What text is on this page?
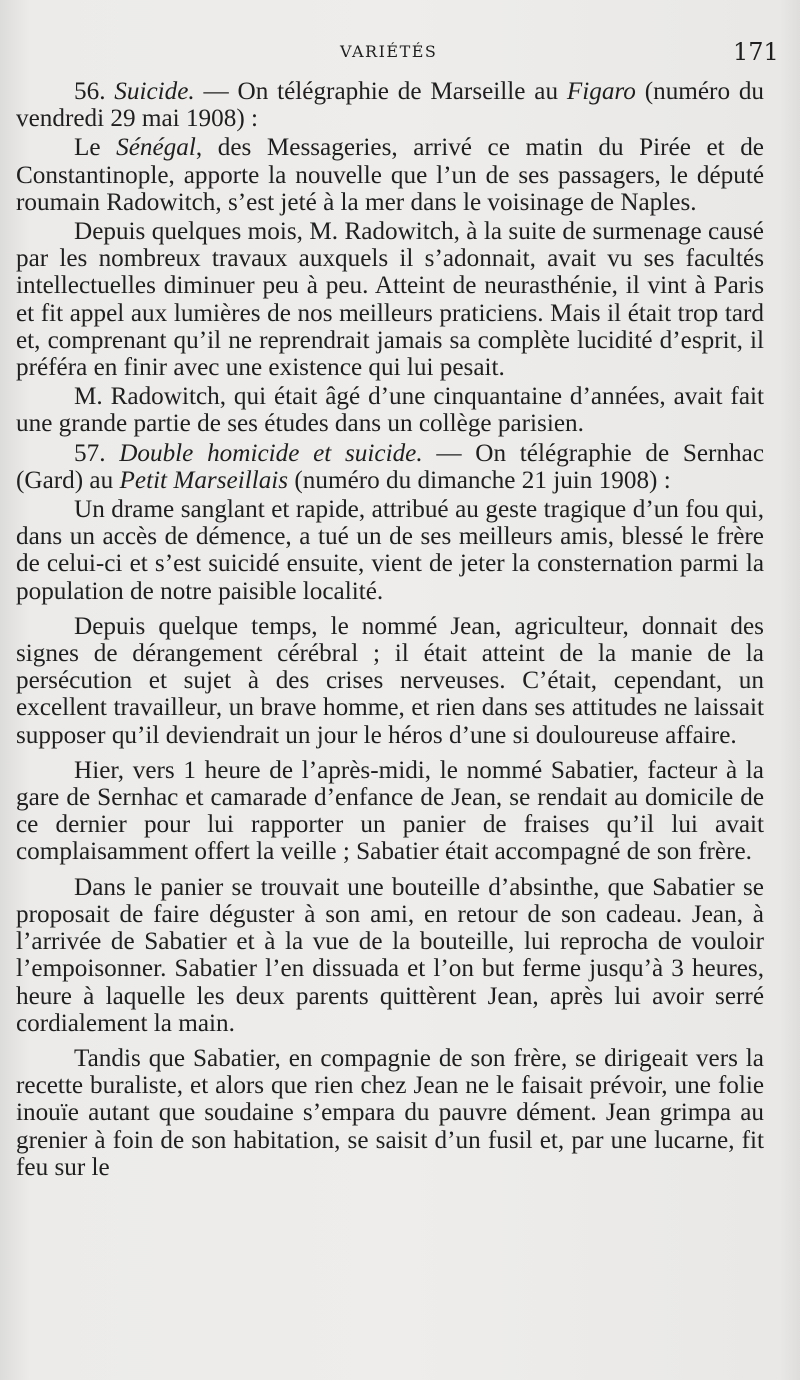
VARIÉTÉS	171

56. Suicide. — On télégraphie de Marseille au Figaro (numéro du vendredi 29 mai 1908) :

Le Sénégal, des Messageries, arrivé ce matin du Pirée et de Constantinople, apporte la nouvelle que l’un de ses passagers, le député roumain Radowitch, s’est jeté à la mer dans le voisinage de Naples.

Depuis quelques mois, M. Radowitch, à la suite de surmenage causé par les nombreux travaux auxquels il s’adonnait, avait vu ses facultés intellectuelles diminuer peu à peu. Atteint de neurasthénie, il vint à Paris et fit appel aux lumières de nos meilleurs praticiens. Mais il était trop tard et, comprenant qu’il ne reprendrait jamais sa complète lucidité d’esprit, il préféra en finir avec une existence qui lui pesait.

M. Radowitch, qui était âgé d’une cinquantaine d’années, avait fait une grande partie de ses études dans un collège parisien.

57. Double homicide et suicide. — On télégraphie de Sernhac (Gard) au Petit Marseillais (numéro du dimanche 21 juin 1908) :

Un drame sanglant et rapide, attribué au geste tragique d’un fou qui, dans un accès de démence, a tué un de ses meilleurs amis, blessé le frère de celui-ci et s’est suicidé ensuite, vient de jeter la consternation parmi la population de notre paisible localité.

Depuis quelque temps, le nommé Jean, agriculteur, donnait des signes de dérangement cérébral ; il était atteint de la manie de la persécution et sujet à des crises nerveuses. C’était, cependant, un excellent travailleur, un brave homme, et rien dans ses attitudes ne laissait supposer qu’il deviendrait un jour le héros d’une si douloureuse affaire.

Hier, vers 1 heure de l’après-midi, le nommé Sabatier, facteur à la gare de Sernhac et camarade d’enfance de Jean, se rendait au domicile de ce dernier pour lui rapporter un panier de fraises qu’il lui avait complaisamment offert la veille ; Sabatier était accompagné de son frère.

Dans le panier se trouvait une bouteille d’absinthe, que Sabatier se proposait de faire déguster à son ami, en retour de son cadeau. Jean, à l’arrivée de Sabatier et à la vue de la bouteille, lui reprocha de vouloir l’empoisonner. Sabatier l’en dissuada et l’on but ferme jusqu’à 3 heures, heure à laquelle les deux parents quittèrent Jean, après lui avoir serré cordialement la main.

Tandis que Sabatier, en compagnie de son frère, se dirigeait vers la recette buraliste, et alors que rien chez Jean ne le faisait prévoir, une folie inouïe autant que soudaine s’empara du pauvre dément. Jean grimpa au grenier à foin de son habitation, se saisit d’un fusil et, par une lucarne, fit feu sur le
